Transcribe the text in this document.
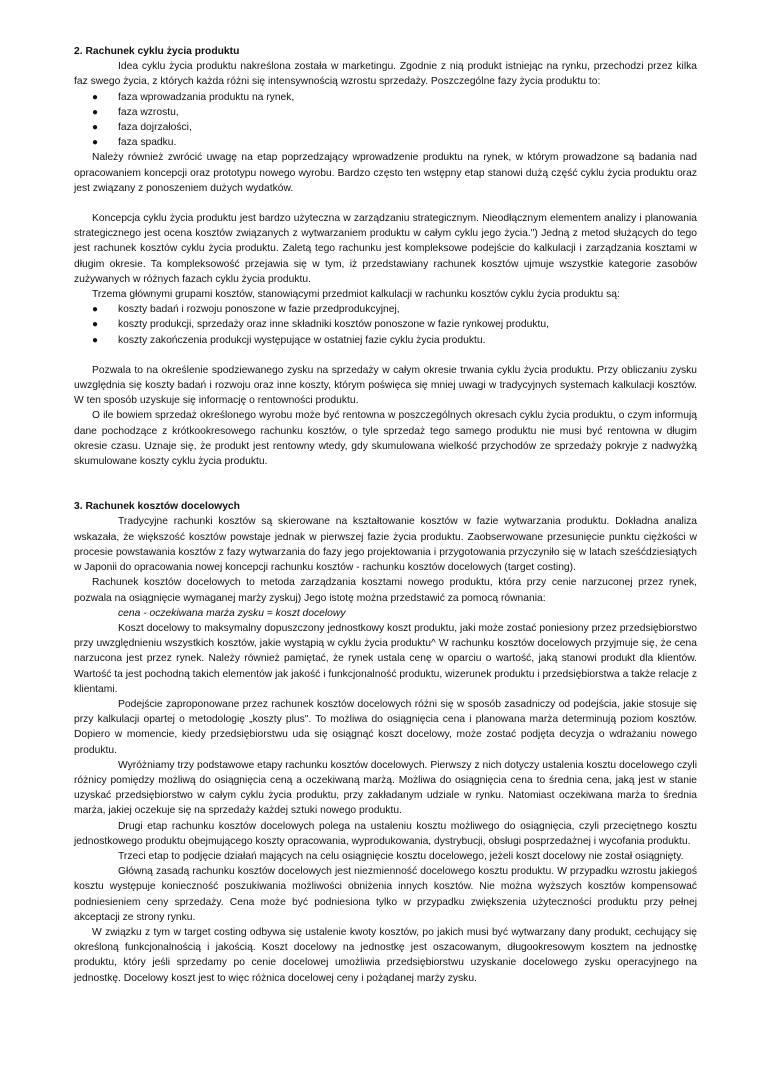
2. Rachunek cyklu życia produktu

Idea cyklu życia produktu nakreślona została w marketingu. Zgodnie z nią produkt istniejąc na rynku, przechodzi przez kilka faz swego życia, z których każda różni się intensywnością wzrostu sprzedaży. Poszczególne fazy życia produktu to:

● faza wprowadzania produktu na rynek,
● faza wzrostu,
● faza dojrzałości,
● faza spadku.

Należy również zwrócić uwagę na etap poprzedzający wprowadzenie produktu na rynek, w którym prowadzone są badania nad opracowaniem koncepcji oraz prototypu nowego wyrobu. Bardzo często ten wstępny etap stanowi dużą część cyklu życia produktu oraz jest związany z ponoszeniem dużych wydatków.

Koncepcja cyklu życia produktu jest bardzo użyteczna w zarządzaniu strategicznym. Nieodłącznym elementem analizy i planowania strategicznego jest ocena kosztów związanych z wytwarzaniem produktu w całym cyklu jego życia.") Jedną z metod służących do tego jest rachunek kosztów cyklu życia produktu. Zaletą tego rachunku jest kompleksowe podejście do kalkulacji i zarządzania kosztami w długim okresie. Ta kompleksowość przejawia się w tym, iż przedstawiany rachunek kosztów ujmuje wszystkie kategorie zasobów zużywanych w różnych fazach cyklu życia produktu.

Trzema głównymi grupami kosztów, stanowiącymi przedmiot kalkulacji w rachunku kosztów cyklu życia produktu są:

● koszty badań i rozwoju ponoszone w fazie przedprodukcyjnej,
● koszty produkcji, sprzedaży oraz inne składniki kosztów ponoszone w fazie rynkowej produktu,
● koszty zakończenia produkcji występujące w ostatniej fazie cyklu życia produktu.

Pozwala to na określenie spodziewanego zysku na sprzedaży w całym okresie trwania cyklu życia produktu. Przy obliczaniu zysku uwzględnia się koszty badań i rozwoju oraz inne koszty, którym poświęca się mniej uwagi w tradycyjnych systemach kalkulacji kosztów. W ten sposób uzyskuje się informację o rentowności produktu.

O ile bowiem sprzedaż określonego wyrobu może być rentowna w poszczególnych okresach cyklu życia produktu, o czym informują dane pochodzące z krótkookresowego rachunku kosztów, o tyle sprzedaż tego samego produktu nie musi być rentowna w długim okresie czasu. Uznaje się, że produkt jest rentowny wtedy, gdy skumulowana wielkość przychodów ze sprzedaży pokryje z nadwyżką skumulowane koszty cyklu życia produktu.

3. Rachunek kosztów docelowych

Tradycyjne rachunki kosztów są skierowane na kształtowanie kosztów w fazie wytwarzania produktu. Dokładna analiza wskazała, że większość kosztów powstaje jednak w pierwszej fazie życia produktu. Zaobserwowane przesunięcie punktu ciężkości w procesie powstawania kosztów z fazy wytwarzania do fazy jego projektowania i przygotowania przyczyniło się w latach sześćdziesiątych w Japonii do opracowania nowej koncepcji rachunku kosztów - rachunku kosztów docelowych (target costing).

Rachunek kosztów docelowych to metoda zarządzania kosztami nowego produktu, która przy cenie narzuconej przez rynek, pozwala na osiągnięcie wymaganej marży zyskuj) Jego istotę można przedstawić za pomocą równania:

cena - oczekiwana marża zysku = koszt docelowy

Koszt docelowy to maksymalny dopuszczony jednostkowy koszt produktu, jaki może zostać poniesiony przez przedsiębiorstwo przy uwzględnieniu wszystkich kosztów, jakie wystąpią w cyklu życia produktu^ W rachunku kosztów docelowych przyjmuje się, że cena narzucona jest przez rynek. Należy również pamiętać, że rynek ustala cenę w oparciu o wartość, jaką stanowi produkt dla klientów. Wartość ta jest pochodną takich elementów jak jakość i funkcjonalność produktu, wizerunek produktu i przedsiębiorstwa a także relacje z klientami.

Podejście zaproponowane przez rachunek kosztów docelowych różni się w sposób zasadniczy od podejścia, jakie stosuje się przy kalkulacji opartej o metodologię „koszty plus". To możliwa do osiągnięcia cena i planowana marża determinują poziom kosztów. Dopiero w momencie, kiedy przedsiębiorstwu uda się osiągnąć koszt docelowy, może zostać podjęta decyzja o wdrażaniu nowego produktu.

Wyróżniamy trzy podstawowe etapy rachunku kosztów docelowych. Pierwszy z nich dotyczy ustalenia kosztu docelowego czyli różnicy pomiędzy możliwą do osiągnięcia ceną a oczekiwaną marżą. Możliwa do osiągnięcia cena to średnia cena, jaką jest w stanie uzyskać przedsiębiorstwo w całym cyklu życia produktu, przy zakładanym udziale w rynku. Natomiast oczekiwana marża to średnia marża, jakiej oczekuje się na sprzedaży każdej sztuki nowego produktu.

Drugi etap rachunku kosztów docelowych polega na ustaleniu kosztu możliwego do osiągnięcia, czyli przeciętnego kosztu jednostkowego produktu obejmującego koszty opracowania, wyprodukowania, dystrybucji, obsługi posprzedażnej i wycofania produktu.

Trzeci etap to podjęcie działań mających na celu osiągnięcie kosztu docelowego, jeżeli koszt docelowy nie został osiągnięty.

Główną zasadą rachunku kosztów docelowych jest niezmienność docelowego kosztu produktu. W przypadku wzrostu jakiegoś kosztu występuje konieczność poszukiwania możliwości obniżenia innych kosztów. Nie można wyższych kosztów kompensować podniesieniem ceny sprzedaży. Cena może być podniesiona tylko w przypadku zwiększenia użyteczności produktu przy pełnej akceptacji ze strony rynku.

W związku z tym w target costing odbywa się ustalenie kwoty kosztów, po jakich musi być wytwarzany dany produkt, cechujący się określoną funkcjonalnością i jakością. Koszt docelowy na jednostkę jest oszacowanym, długookresowym kosztem na jednostkę produktu, który jeśli sprzedamy po cenie docelowej umożliwia przedsiębiorstwu uzyskanie docelowego zysku operacyjnego na jednostkę. Docelowy koszt jest to więc różnica docelowej ceny i pożądanej marży zysku.
